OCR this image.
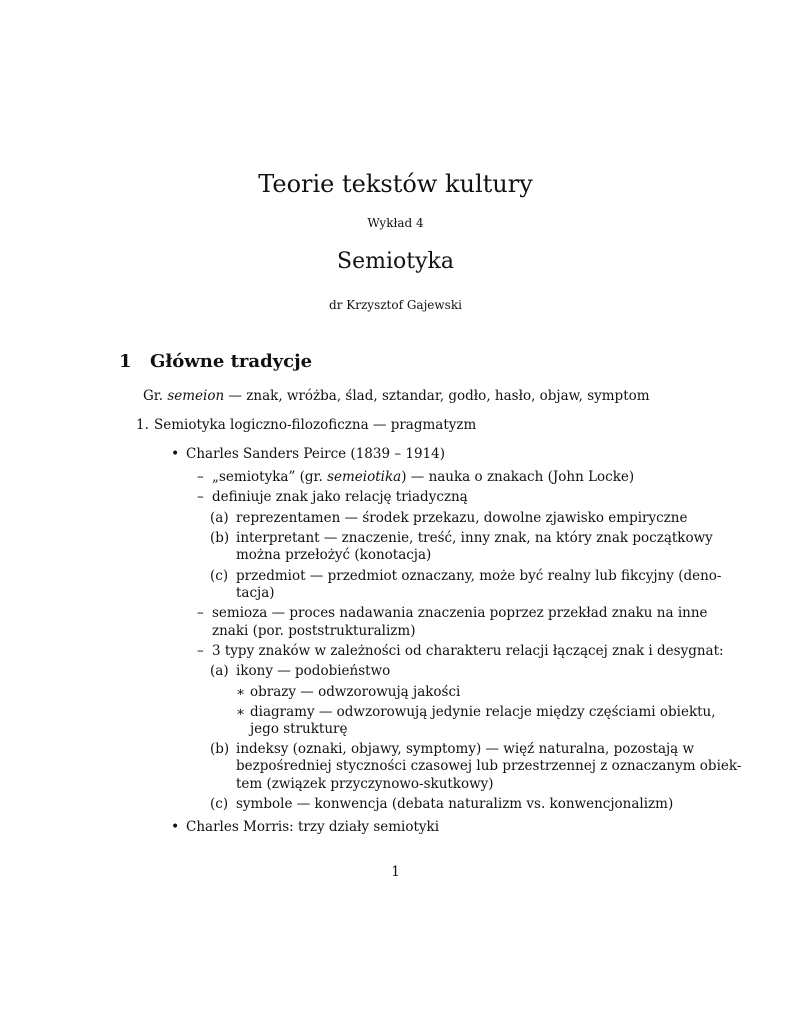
Teorie tekstów kultury
Wykład 4
Semiotyka
dr Krzysztof Gajewski
1 Główne tradycje
Gr. semeion — znak, wróżba, ślad, sztandar, godło, hasło, objaw, symptom
1. Semiotyka logiczno-filozoficzna — pragmatyzm
• Charles Sanders Peirce (1839 – 1914)
– „semiotyka” (gr. semeiotika) — nauka o znakach (John Locke)
– definiuje znak jako relację triadyczną
(a) reprezentamen — środek przekazu, dowolne zjawisko empiryczne
(b) interpretant — znaczenie, treść, inny znak, na który znak początkowy
można przełożyć (konotacja)
(c) przedmiot — przedmiot oznaczany, może być realny lub fikcyjny (deno-
tacja)
– semioza — proces nadawania znaczenia poprzez przekład znaku na inne
znaki (por. poststrukturalizm)
– 3 typy znaków w zależności od charakteru relacji łączącej znak i desygnat:
(a) ikony — podobieństwo
∗ obrazy — odwzorowują jakości
∗ diagramy — odwzorowują jedynie relacje między częściami obiektu,
jego strukturę
(b) indeksy (oznaki, objawy, symptomy) — więź naturalna, pozostają w
bezpośredniej styczności czasowej lub przestrzennej z oznaczanym obiek-
tem (związek przyczynowo-skutkowy)
(c) symbole — konwencja (debata naturalizm vs. konwencjonalizm)
• Charles Morris: trzy działy semiotyki
1
